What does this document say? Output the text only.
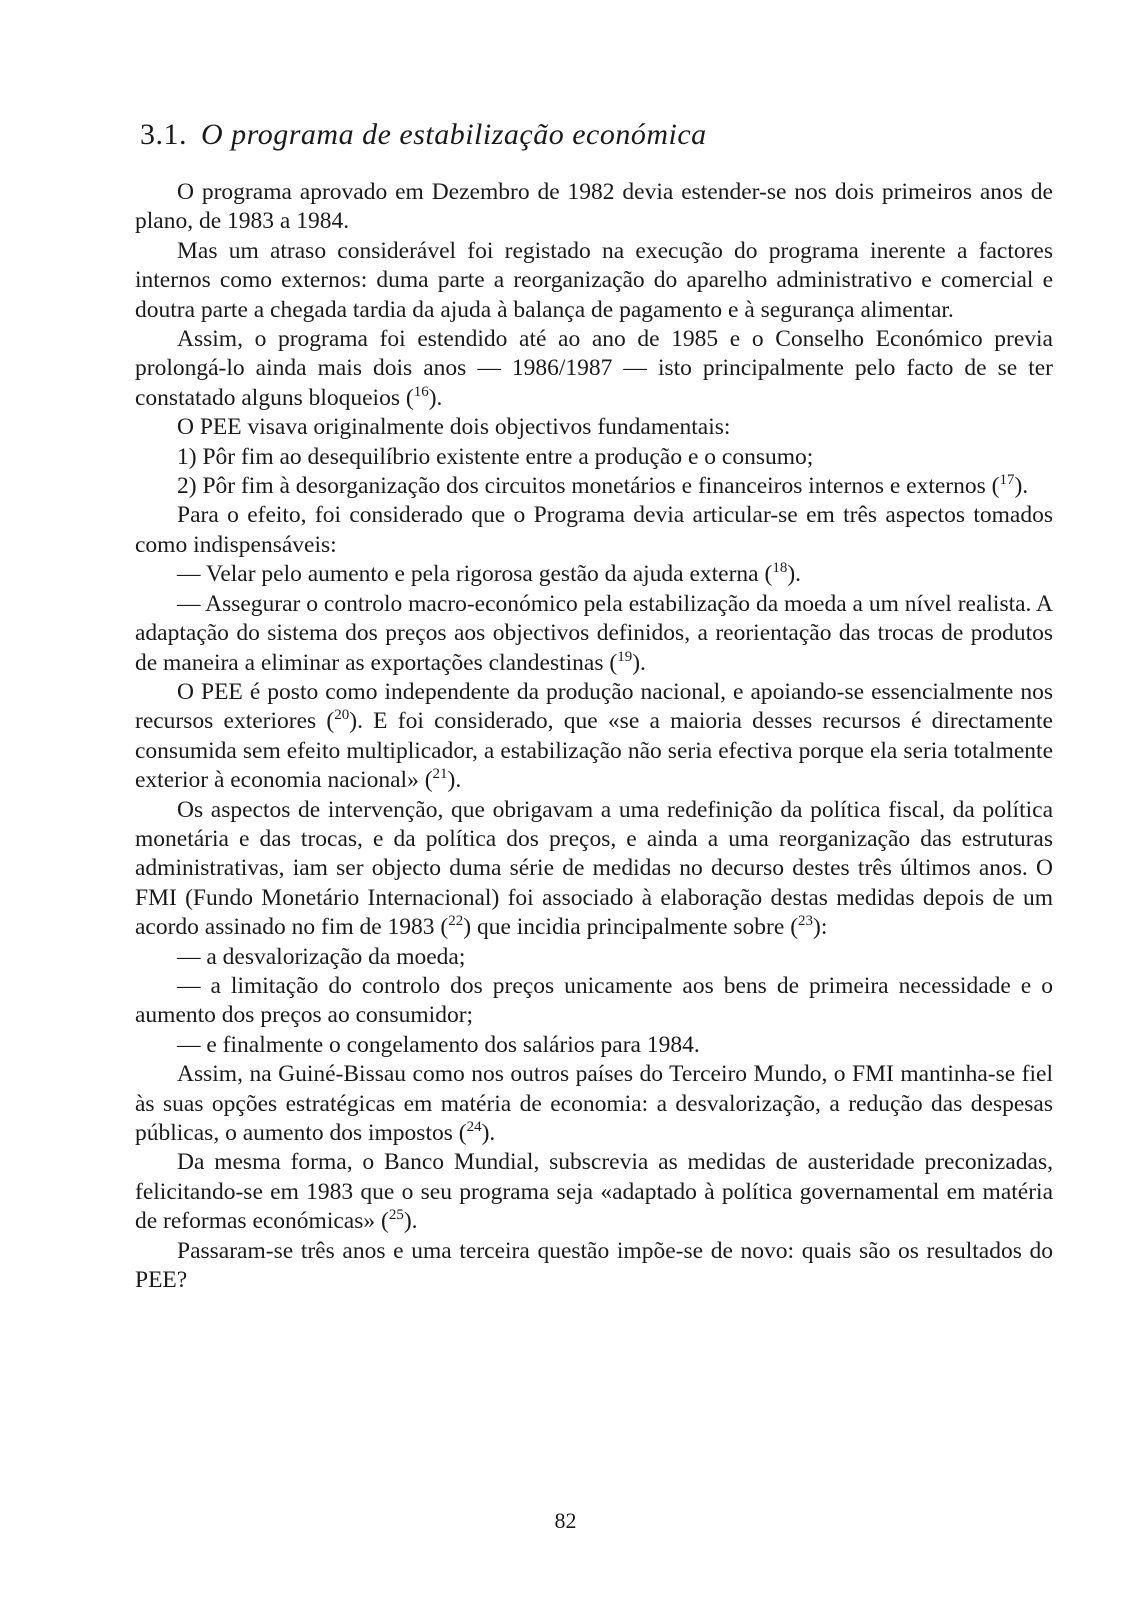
3.1. O programa de estabilização económica

O programa aprovado em Dezembro de 1982 devia estender-se nos dois primeiros anos de plano, de 1983 a 1984.

Mas um atraso considerável foi registado na execução do programa inerente a factores internos como externos: duma parte a reorganização do aparelho administrativo e comercial e doutra parte a chegada tardia da ajuda à balança de pagamento e à segurança alimentar.

Assim, o programa foi estendido até ao ano de 1985 e o Conselho Económico previa prolongá-lo ainda mais dois anos — 1986/1987 — isto principalmente pelo facto de se ter constatado alguns bloqueios ($^{16}$).

O PEE visava originalmente dois objectivos fundamentais:

1) Pôr fim ao desequilíbrio existente entre a produção e o consumo;

2) Pôr fim à desorganização dos circuitos monetários e financeiros internos e externos ($^{17}$).

Para o efeito, foi considerado que o Programa devia articular-se em três aspectos tomados como indispensáveis:

— Velar pelo aumento e pela rigorosa gestão da ajuda externa ($^{18}$).

— Assegurar o controlo macro-económico pela estabilização da moeda a um nível realista. A adaptação do sistema dos preços aos objectivos definidos, a reorientação das trocas de produtos de maneira a eliminar as exportações clandestinas ($^{19}$).

O PEE é posto como independente da produção nacional, e apoiando-se essencialmente nos recursos exteriores ($^{20}$). E foi considerado, que «se a maioria desses recursos é directamente consumida sem efeito multiplicador, a estabilização não seria efectiva porque ela seria totalmente exterior à economia nacional» ($^{21}$).

Os aspectos de intervenção, que obrigavam a uma redefinição da política fiscal, da política monetária e das trocas, e da política dos preços, e ainda a uma reorganização das estruturas administrativas, iam ser objecto duma série de medidas no decurso destes três últimos anos. O FMI (Fundo Monetário Internacional) foi associado à elaboração destas medidas depois de um acordo assinado no fim de 1983 ($^{22}$) que incidia principalmente sobre ($^{23}$):

— a desvalorização da moeda;

— a limitação do controlo dos preços unicamente aos bens de primeira necessidade e o aumento dos preços ao consumidor;

— e finalmente o congelamento dos salários para 1984.

Assim, na Guiné-Bissau como nos outros países do Terceiro Mundo, o FMI mantinha-se fiel às suas opções estratégicas em matéria de economia: a desvalorização, a redução das despesas públicas, o aumento dos impostos ($^{24}$).

Da mesma forma, o Banco Mundial, subscrevia as medidas de austeridade preconizadas, felicitando-se em 1983 que o seu programa seja «adaptado à política governamental em matéria de reformas económicas» ($^{25}$).

Passaram-se três anos e uma terceira questão impõe-se de novo: quais são os resultados do PEE?

82
